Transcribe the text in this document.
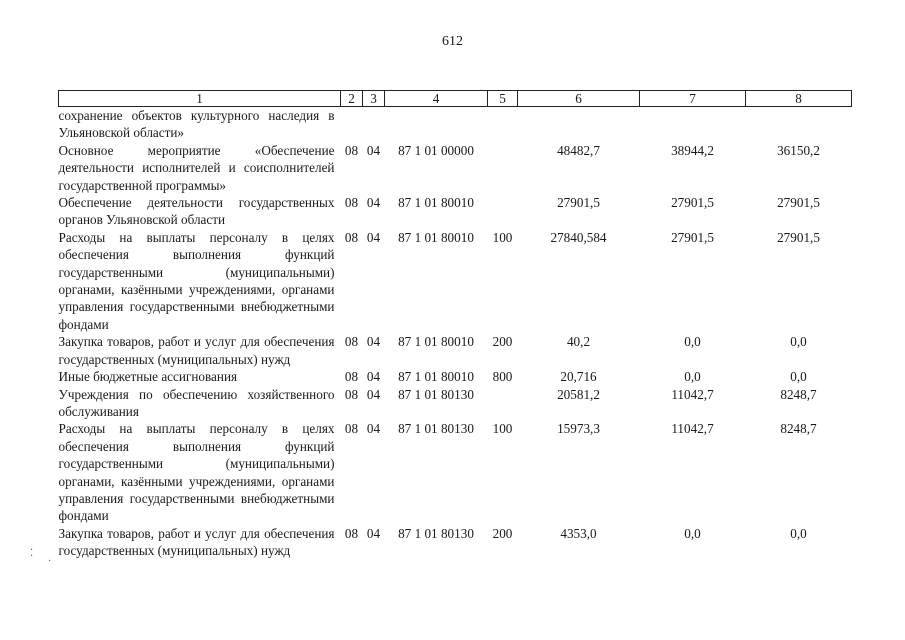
612
1	2	3	4	5	6	7	8
сохранение объектов культурного наследия в Ульяновской области»							
Основное мероприятие «Обеспечение деятельности исполнителей и соисполнителей государственной программы»	08	04	87 1 01 00000		48482,7	38944,2	36150,2
Обеспечение деятельности государственных органов Ульяновской области	08	04	87 1 01 80010		27901,5	27901,5	27901,5
Расходы на выплаты персоналу в целях обеспечения выполнения функций государственными (муниципальными) органами, казёнными учреждениями, органами управления государственными внебюджетными фондами	08	04	87 1 01 80010	100	27840,584	27901,5	27901,5
Закупка товаров, работ и услуг для обеспечения государственных (муниципальных) нужд	08	04	87 1 01 80010	200	40,2	0,0	0,0
Иные бюджетные ассигнования	08	04	87 1 01 80010	800	20,716	0,0	0,0
Учреждения по обеспечению хозяйственного обслуживания	08	04	87 1 01 80130		20581,2	11042,7	8248,7
Расходы на выплаты персоналу в целях обеспечения выполнения функций государственными (муниципальными) органами, казёнными учреждениями, органами управления государственными внебюджетными фондами	08	04	87 1 01 80130	100	15973,3	11042,7	8248,7
Закупка товаров, работ и услуг для обеспечения государственных (муниципальных) нужд	08	04	87 1 01 80130	200	4353,0	0,0	0,0
⁚
·
